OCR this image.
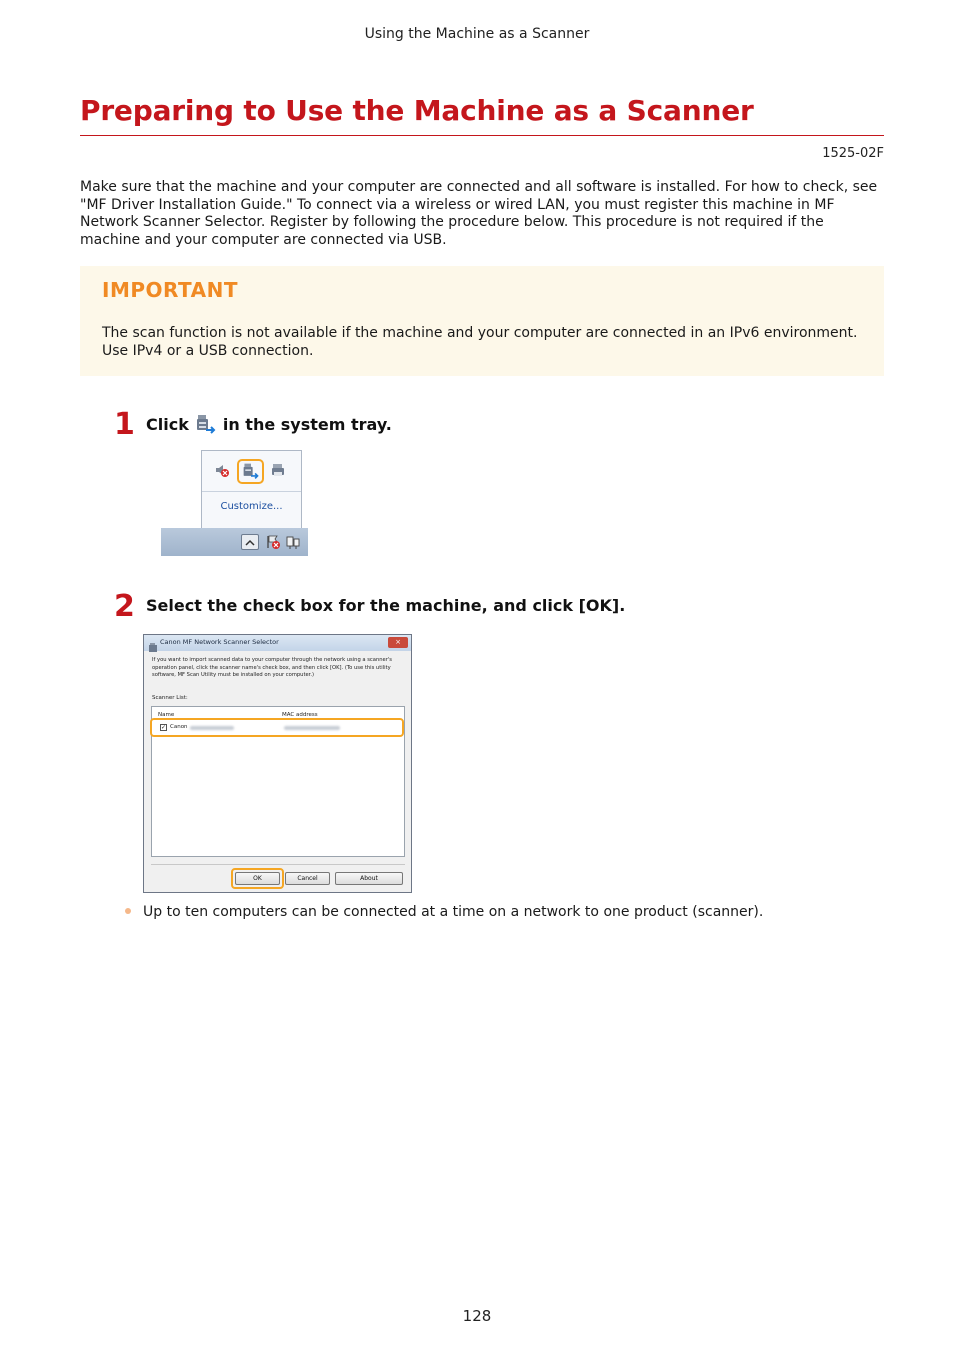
Using the Machine as a Scanner
Preparing to Use the Machine as a Scanner
1525-02F

Make sure that the machine and your computer are connected and all software is installed. For how to check, see "MF Driver Installation Guide." To connect via a wireless or wired LAN, you must register this machine in MF Network Scanner Selector. Register by following the procedure below. This procedure is not required if the machine and your computer are connected via USB.

IMPORTANT

The scan function is not available if the machine and your computer are connected in an IPv6 environment. Use IPv4 or a USB connection.

1 Click in the system tray.
Customize...
2 Select the check box for the machine, and click [OK].
Canon MF Network Scanner Selector	×

If you want to import scanned data to your computer through the network using a scanner's operation panel, click the scanner name's check box, and then click [OK]. (To use this utility software, MF Scan Utility must be installed on your computer.)

Scanner List:
Name	MAC address
✓ Canon
OK	Cancel	About
Up to ten computers can be connected at a time on a network to one product (scanner).
128
